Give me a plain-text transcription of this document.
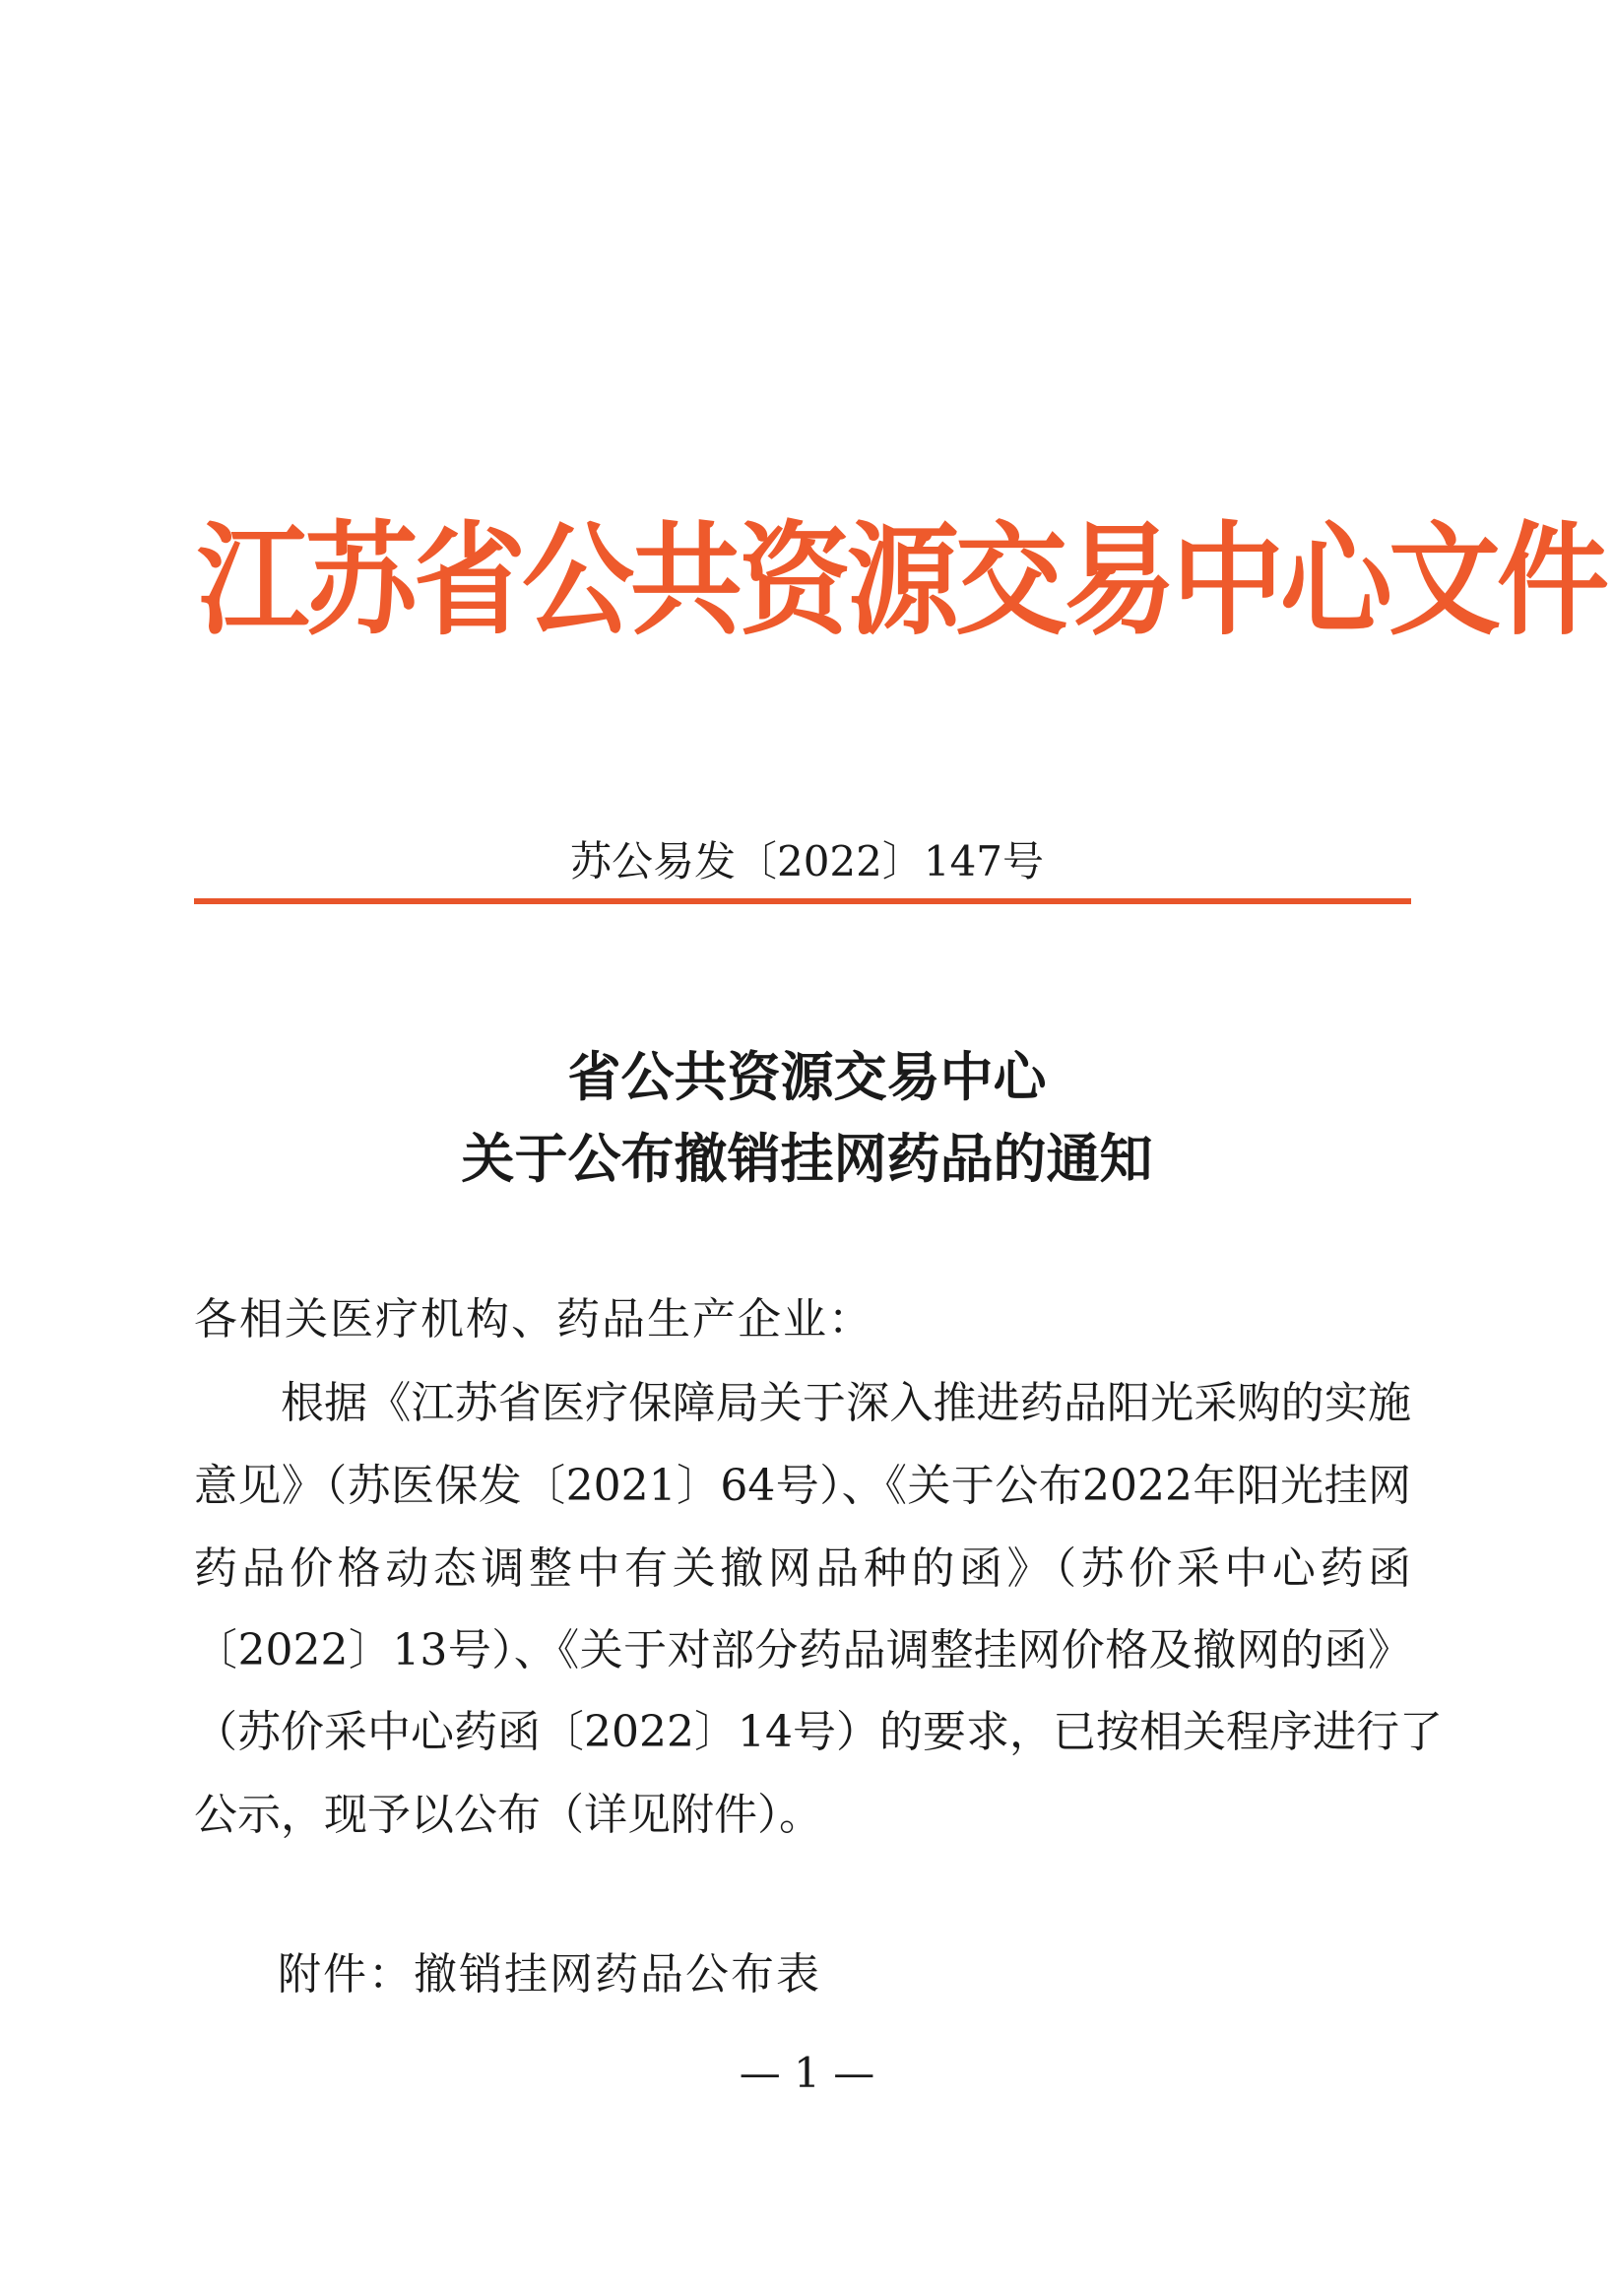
江苏省公共资源交易中心文件
苏公易发〔2022〕147号
省公共资源交易中心
关于公布撤销挂网药品的通知
各相关医疗机构、药品生产企业：
根据《江苏省医疗保障局关于深入推进药品阳光采购的实施
意见》（苏医保发〔2021〕64号）、《关于公布2022年阳光挂网
药品价格动态调整中有关撤网品种的函》（苏价采中心药函
〔2022〕13号）、《关于对部分药品调整挂网价格及撤网的函》
（苏价采中心药函〔2022〕14号）的要求，已按相关程序进行了
公示，现予以公布（详见附件）。
附件：撤销挂网药品公布表
— 1 —
